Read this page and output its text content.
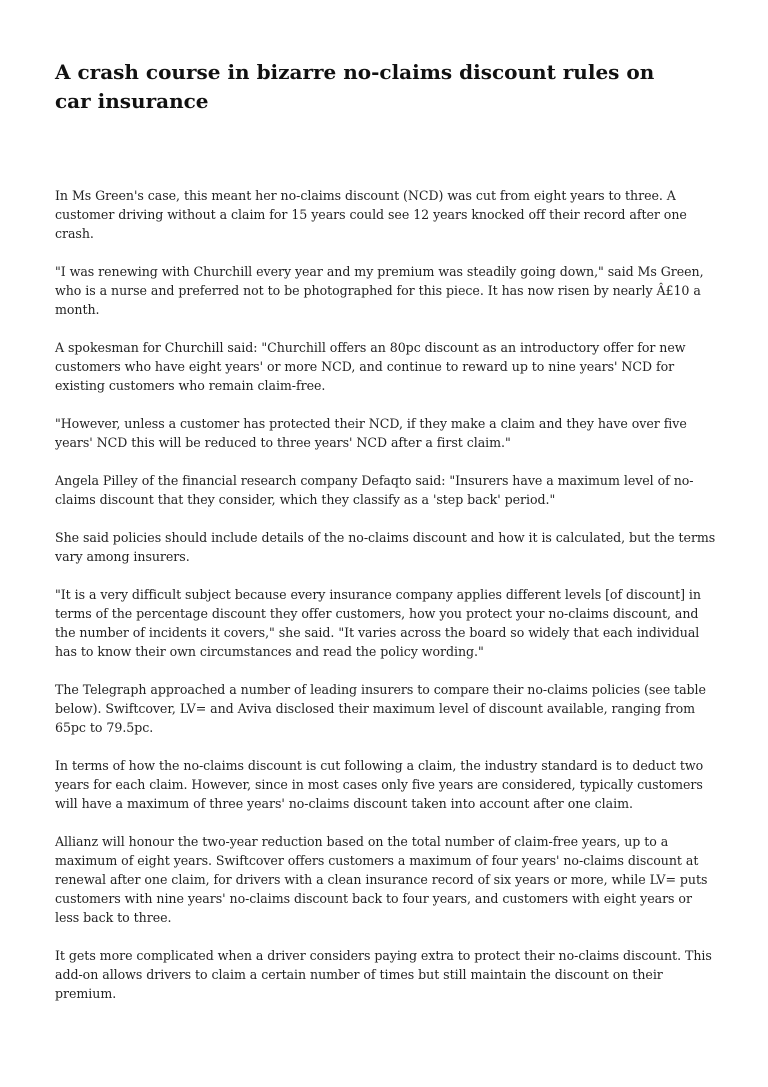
A crash course in bizarre no-claims discount rules on car insurance

In Ms Green's case, this meant her no-claims discount (NCD) was cut from eight years to three. A customer driving without a claim for 15 years could see 12 years knocked off their record after one crash.

"I was renewing with Churchill every year and my premium was steadily going down," said Ms Green, who is a nurse and preferred not to be photographed for this piece. It has now risen by nearly Â£10 a month.

A spokesman for Churchill said: "Churchill offers an 80pc discount as an introductory offer for new customers who have eight years' or more NCD, and continue to reward up to nine years' NCD for existing customers who remain claim-free.

"However, unless a customer has protected their NCD, if they make a claim and they have over five years' NCD this will be reduced to three years' NCD after a first claim."

Angela Pilley of the financial research company Defaqto said: "Insurers have a maximum level of no-claims discount that they consider, which they classify as a 'step back' period."

She said policies should include details of the no-claims discount and how it is calculated, but the terms vary among insurers.

"It is a very difficult subject because every insurance company applies different levels [of discount] in terms of the percentage discount they offer customers, how you protect your no-claims discount, and the number of incidents it covers," she said. "It varies across the board so widely that each individual has to know their own circumstances and read the policy wording."

The Telegraph approached a number of leading insurers to compare their no-claims policies (see table below). Swiftcover, LV= and Aviva disclosed their maximum level of discount available, ranging from 65pc to 79.5pc.

In terms of how the no-claims discount is cut following a claim, the industry standard is to deduct two years for each claim. However, since in most cases only five years are considered, typically customers will have a maximum of three years' no-claims discount taken into account after one claim.

Allianz will honour the two-year reduction based on the total number of claim-free years, up to a maximum of eight years. Swiftcover offers customers a maximum of four years' no-claims discount at renewal after one claim, for drivers with a clean insurance record of six years or more, while LV= puts customers with nine years' no-claims discount back to four years, and customers with eight years or less back to three.

It gets more complicated when a driver considers paying extra to protect their no-claims discount. This add-on allows drivers to claim a certain number of times but still maintain the discount on their premium.
